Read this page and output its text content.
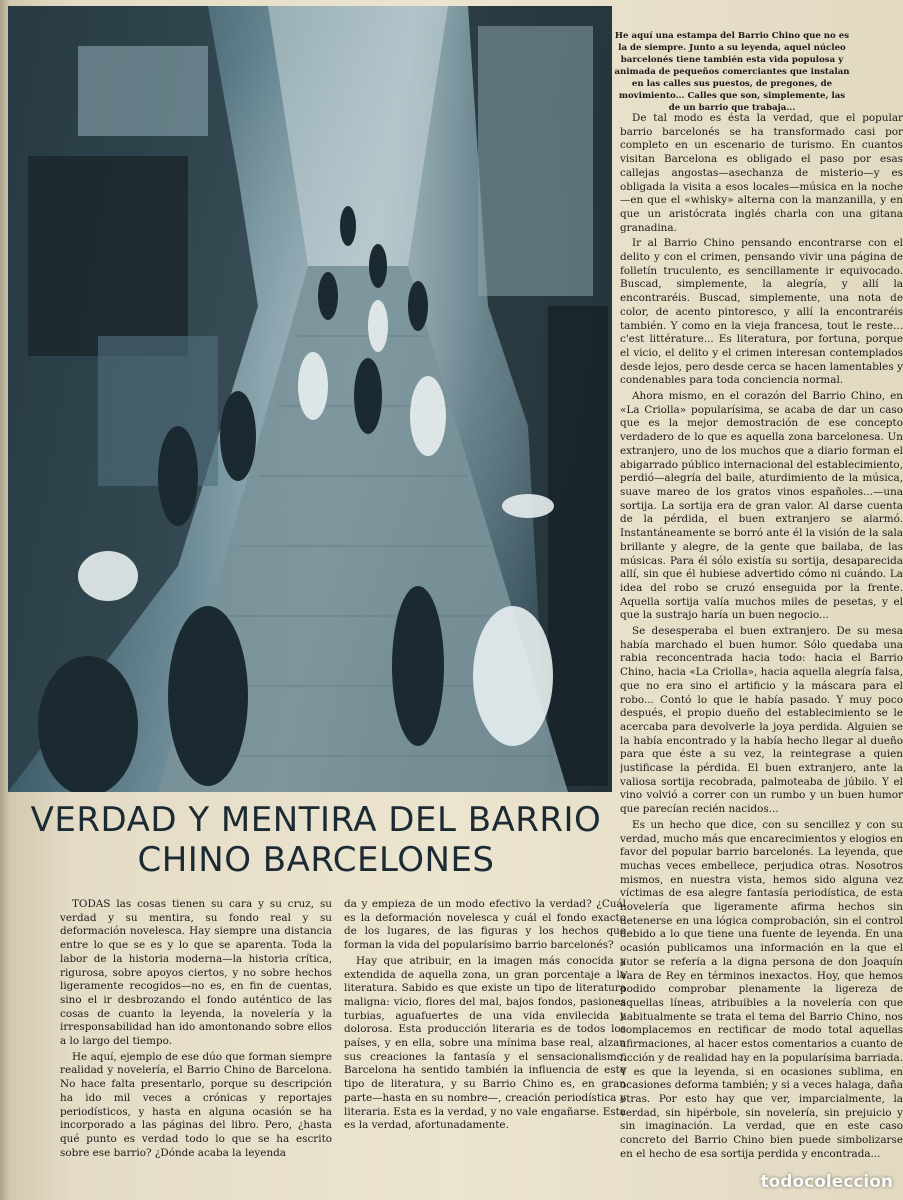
He aquí una estampa del Barrio Chino que no es la de siempre. Junto a su leyenda, aquel núcleo barcelonés tiene también esta vida populosa y animada de pequeños comerciantes que instalan en las calles sus puestos, de pregones, de movimiento... Calles que son, simplemente, las de un barrio que trabaja...

De tal modo es ésta la verdad, que el popular barrio barcelonés se ha transformado casi por completo en un escenario de turismo. En cuantos visitan Barcelona es obligado el paso por esas callejas angostas—asechanza de misterio—y es obligada la visita a esos locales—música en la noche—en que el «whisky» alterna con la manzanilla, y en que un aristócrata inglés charla con una gitana granadina.

Ir al Barrio Chino pensando encontrarse con el delito y con el crimen, pensando vivir una página de folletín truculento, es sencillamente ir equivocado. Buscad, simplemente, la alegría, y allí la encontraréis. Buscad, simplemente, una nota de color, de acento pintoresco, y allí la encontraréis también. Y como en la vieja francesa, tout le reste... c'est littérature... Es literatura, por fortuna, porque el vicio, el delito y el crimen interesan contemplados desde lejos, pero desde cerca se hacen lamentables y condenables para toda conciencia normal.

Ahora mismo, en el corazón del Barrio Chino, en «La Criolla» popularísima, se acaba de dar un caso que es la mejor demostración de ese concepto verdadero de lo que es aquella zona barcelonesa. Un extranjero, uno de los muchos que a diario forman el abigarrado público internacional del establecimiento, perdió—alegría del baile, aturdimiento de la música, suave mareo de los gratos vinos españoles...—una sortija. La sortija era de gran valor. Al darse cuenta de la pérdida, el buen extranjero se alarmó. Instantáneamente se borró ante él la visión de la sala brillante y alegre, de la gente que bailaba, de las músicas. Para él sólo existía su sortija, desaparecida allí, sin que él hubiese advertido cómo ni cuándo. La idea del robo se cruzó enseguida por la frente. Aquella sortija valía muchos miles de pesetas, y el que la sustrajo haría un buen negocio...

Se desesperaba el buen extranjero. De su mesa había marchado el buen humor. Sólo quedaba una rabia reconcentrada hacia todo: hacia el Barrio Chino, hacia «La Criolla», hacia aquella alegría falsa, que no era sino el artificio y la máscara para el robo... Contó lo que le había pasado. Y muy poco después, el propio dueño del establecimiento se le acercaba para devolverle la joya perdida. Alguien se la había encontrado y la había hecho llegar al dueño para que éste a su vez, la reintegrase a quien justificase la pérdida. El buen extranjero, ante la valiosa sortija recobrada, palmoteaba de júbilo. Y el vino volvió a correr con un rumbo y un buen humor que parecían recién nacidos...

Es un hecho que dice, con su sencillez y con su verdad, mucho más que encarecimientos y elogios en favor del popular barrio barcelonés. La leyenda, que muchas veces embellece, perjudica otras. Nosotros mismos, en nuestra vista, hemos sido alguna vez víctimas de esa alegre fantasía periodística, de esta novelería que ligeramente afirma hechos sin detenerse en una lógica comprobación, sin el control debido a lo que tiene una fuente de leyenda. En una ocasión publicamos una información en la que el autor se refería a la digna persona de don Joaquín Vara de Rey en términos inexactos. Hoy, que hemos podido comprobar plenamente la ligereza de aquellas líneas, atribuibles a la novelería con que habitualmente se trata el tema del Barrio Chino, nos complacemos en rectificar de modo total aquellas afirmaciones, al hacer estos comentarios a cuanto de ficción y de realidad hay en la popularísima barriada. Y es que la leyenda, si en ocasiones sublima, en ocasiones deforma también; y si a veces halaga, daña otras. Por esto hay que ver, imparcialmente, la verdad, sin hipérbole, sin novelería, sin prejuicio y sin imaginación. La verdad, que en este caso concreto del Barrio Chino bien puede simbolizarse en el hecho de esa sortija perdida y encontrada...

VERDAD Y MENTIRA DEL BARRIO
CHINO BARCELONES

TODAS las cosas tienen su cara y su cruz, su verdad y su mentira, su fondo real y su deformación novelesca. Hay siempre una distancia entre lo que se es y lo que se aparenta. Toda la labor de la historia moderna—la historia crítica, rigurosa, sobre apoyos ciertos, y no sobre hechos ligeramente recogidos—no es, en fin de cuentas, sino el ir desbrozando el fondo auténtico de las cosas de cuanto la leyenda, la novelería y la irresponsabilidad han ido amontonando sobre ellos a lo largo del tiempo.

He aquí, ejemplo de ese dúo que forman siempre realidad y novelería, el Barrio Chino de Barcelona. No hace falta presentarlo, porque su descripción ha ido mil veces a crónicas y reportajes periodísticos, y hasta en alguna ocasión se ha incorporado a las páginas del libro. Pero, ¿hasta qué punto es verdad todo lo que se ha escrito sobre ese barrio? ¿Dónde acaba la leyenda

da y empieza de un modo efectivo la verdad? ¿Cuál es la deformación novelesca y cuál el fondo exacto de los lugares, de las figuras y los hechos que forman la vida del popularísimo barrio barcelonés?

Hay que atribuir, en la imagen más conocida y extendida de aquella zona, un gran porcentaje a la literatura. Sabido es que existe un tipo de literatura maligna: vicio, flores del mal, bajos fondos, pasiones turbias, aguafuertes de una vida envilecida y dolorosa. Esta producción literaria es de todos los países, y en ella, sobre una mínima base real, alzan sus creaciones la fantasía y el sensacionalismo. Barcelona ha sentido también la influencia de este tipo de literatura, y su Barrio Chino es, en gran parte—hasta en su nombre—, creación periodística y literaria. Esta es la verdad, y no vale engañarse. Esta es la verdad, afortunadamente.

todocoleccion
